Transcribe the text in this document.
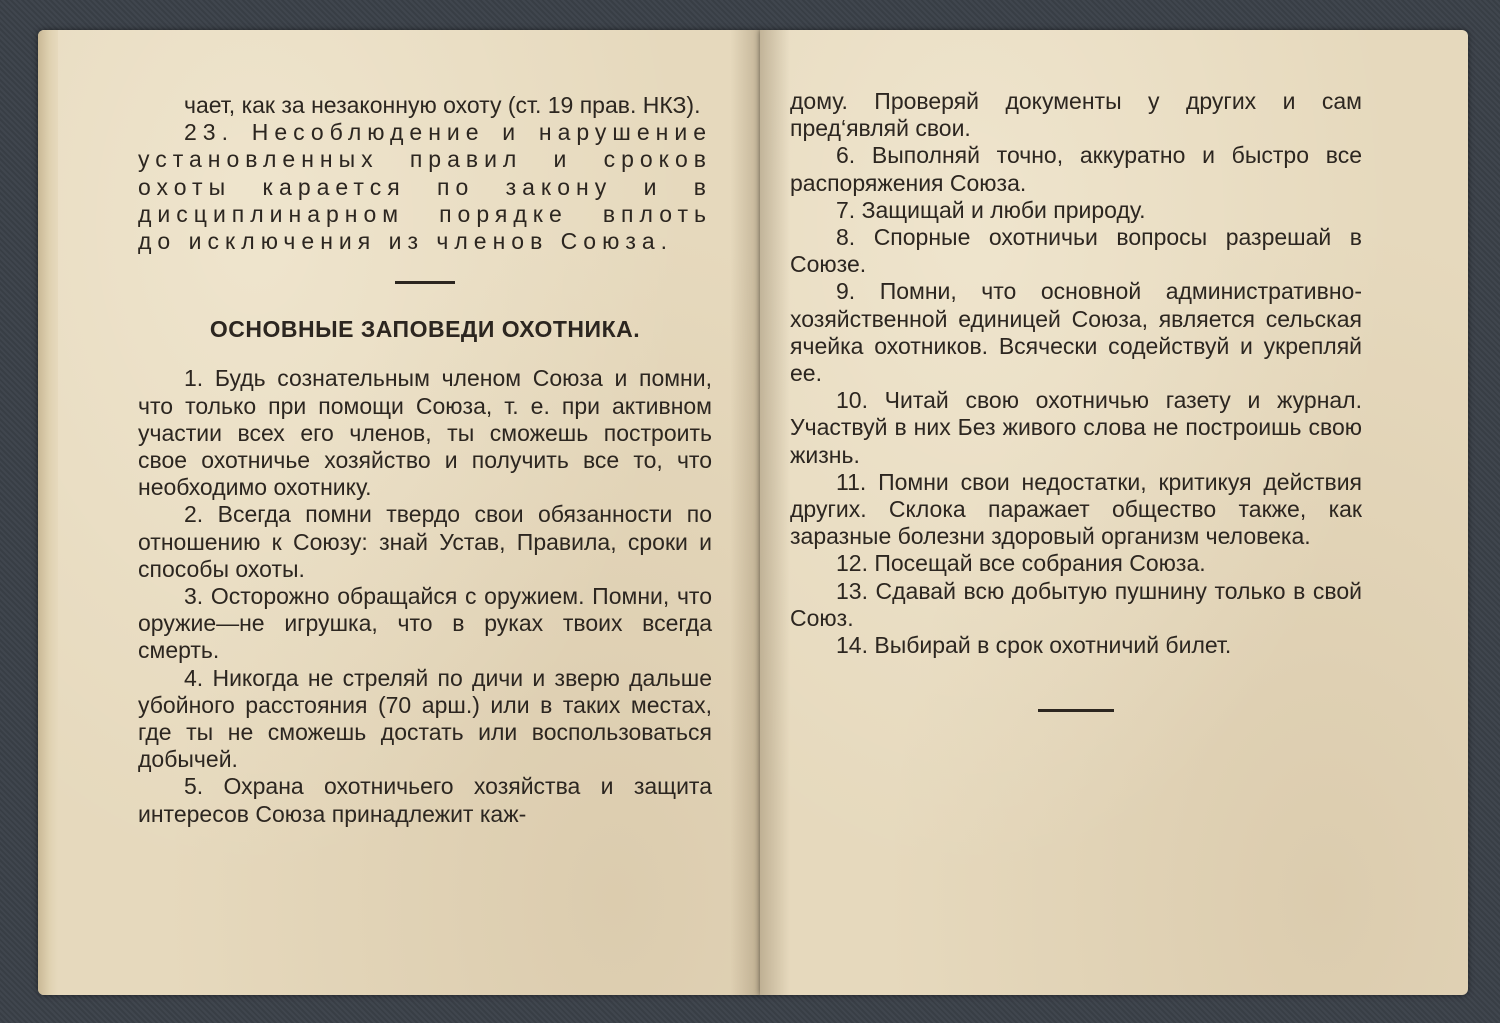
чает, как за незаконную охоту (ст. 19 прав. НКЗ).

23. Несоблюдение и нарушение установленных правил и сроков охоты карается по закону и в дисциплинарном порядке вплоть до исключения из членов Союза.

ОСНОВНЫЕ ЗАПОВЕДИ ОХОТНИКА.

1. Будь сознательным членом Союза и помни, что только при помощи Союза, т. е. при активном участии всех его членов, ты сможешь построить свое охотничье хозяйство и получить все то, что необходимо охотнику.

2. Всегда помни твердо свои обязанности по отношению к Союзу: знай Устав, Правила, сроки и способы охоты.

3. Осторожно обращайся с оружием. Помни, что оружие—не игрушка, что в руках твоих всегда смерть.

4. Никогда не стреляй по дичи и зверю дальше убойного расстояния (70 арш.) или в таких местах, где ты не сможешь достать или воспользоваться добычей.

5. Охрана охотничьего хозяйства и защита интересов Союза принадлежит каж-

дому. Проверяй документы у других и сам пред‘являй свои.

6. Выполняй точно, аккуратно и быстро все распоряжения Союза.

7. Защищай и люби природу.

8. Спорные охотничьи вопросы разрешай в Союзе.

9. Помни, что основной административно-хозяйственной единицей Союза, является сельская ячейка охотников. Всячески содействуй и укрепляй ее.

10. Читай свою охотничью газету и журнал. Участвуй в них Без живого слова не построишь свою жизнь.

11. Помни свои недостатки, критикуя действия других. Склока паражает общество также, как заразные болезни здоровый организм человека.

12. Посещай все собрания Союза.

13. Сдавай всю добытую пушнину только в свой Союз.

14. Выбирай в срок охотничий билет.
